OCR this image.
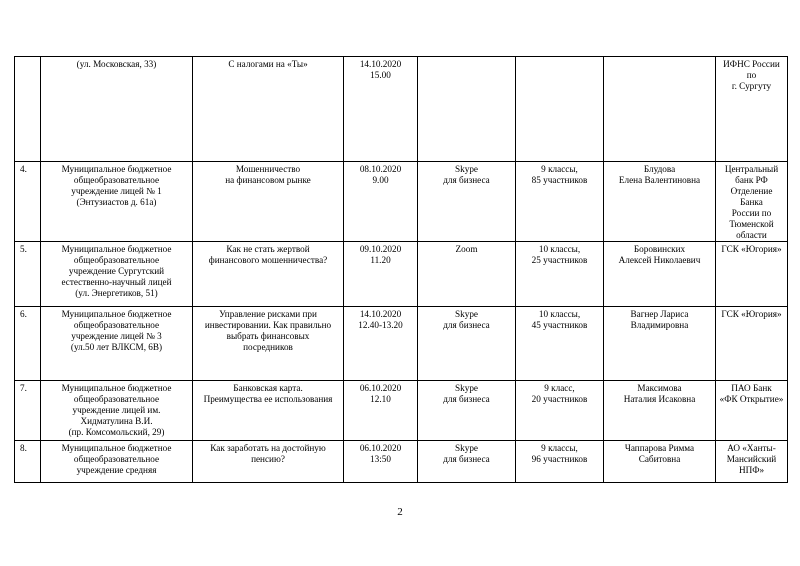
	(ул. Московская, 33)	С налогами на «Ты»	14.10.2020
15.00				ИФНС России по
г. Сургуту
4.	Муниципальное бюджетное
общеобразовательное
учреждение лицей № 1
(Энтузиастов д. 61а)	Мошенничество
на финансовом рынке	08.10.2020
9.00	Skype
для бизнеса	9 классы,
85 участников	Блудова
Елена Валентиновна	Центральный банк РФ
Отделение Банка
России по Тюменской
области
5.	Муниципальное бюджетное
общеобразовательное
учреждение Сургутский
естественно-научный лицей
(ул. Энергетиков, 51)	Как не стать жертвой
финансового мошенничества?	09.10.2020
11.20	Zoom	10 классы,
25 участников	Боровинских
Алексей Николаевич	ГСК «Югория»
6.	Муниципальное бюджетное
общеобразовательное
учреждение лицей № 3
(ул.50 лет ВЛКСМ, 6В)	Управление рисками при
инвестировании. Как правильно
выбрать финансовых
посредников	14.10.2020
12.40-13.20	Skype
для бизнеса	10 классы,
45 участников	Вагнер Лариса
Владимировна	ГСК «Югория»
7.	Муниципальное бюджетное
общеобразовательное
учреждение лицей им.
Хидматулина В.И.
(пр. Комсомольский, 29)	Банковская карта.
Преимущества ее использования	06.10.2020
12.10	Skype
для бизнеса	9 класс,
20 участников	Максимова
Наталия Исаковна	ПАО Банк
«ФК Открытие»
8.	Муниципальное бюджетное
общеобразовательное
учреждение средняя	Как заработать на достойную
пенсию?	06.10.2020
13:50	Skype
для бизнеса	9 классы,
96 участников	Чаппарова Римма
Сабитовна	АО «Ханты-
Мансийский НПФ»
2
